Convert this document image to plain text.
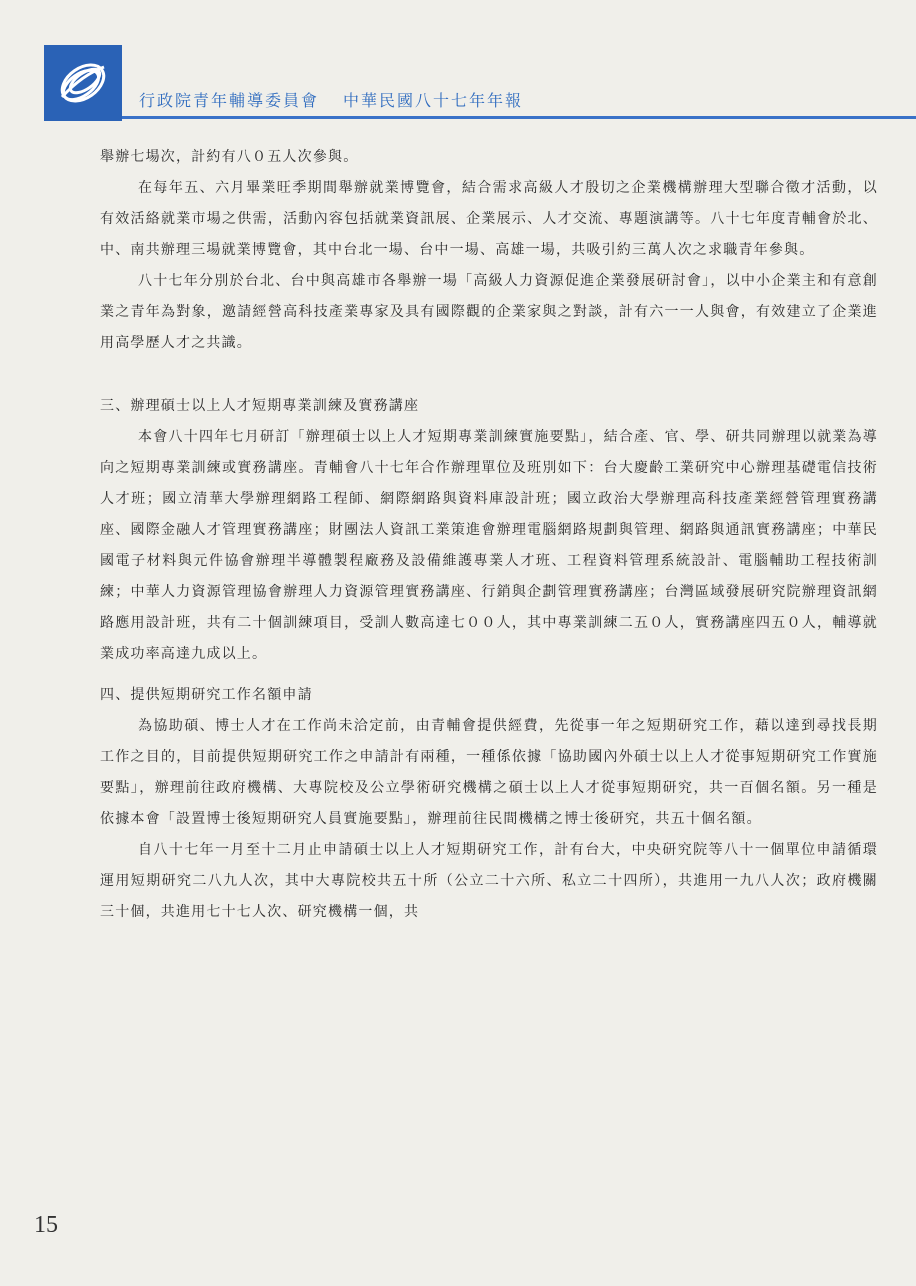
行政院青年輔導委員會 中華民國八十七年年報

舉辦七場次，計約有八０五人次參與。

在每年五、六月畢業旺季期間舉辦就業博覽會，結合需求高級人才殷切之企業機構辦理大型聯合徵才活動，以有效活絡就業市場之供需，活動內容包括就業資訊展、企業展示、人才交流、專題演講等。八十七年度青輔會於北、中、南共辦理三場就業博覽會，其中台北一場、台中一場、高雄一場，共吸引約三萬人次之求職青年參與。

八十七年分別於台北、台中與高雄市各舉辦一場「高級人力資源促進企業發展研討會」，以中小企業主和有意創業之青年為對象，邀請經營高科技產業專家及具有國際觀的企業家與之對談，計有六一一人與會，有效建立了企業進用高學歷人才之共識。

三、辦理碩士以上人才短期專業訓練及實務講座

本會八十四年七月研訂「辦理碩士以上人才短期專業訓練實施要點」，結合產、官、學、研共同辦理以就業為導向之短期專業訓練或實務講座。青輔會八十七年合作辦理單位及班別如下：台大慶齡工業研究中心辦理基礎電信技術人才班；國立清華大學辦理網路工程師、網際網路與資料庫設計班；國立政治大學辦理高科技產業經營管理實務講座、國際金融人才管理實務講座；財團法人資訊工業策進會辦理電腦網路規劃與管理、網路與通訊實務講座；中華民國電子材料與元件協會辦理半導體製程廠務及設備維護專業人才班、工程資料管理系統設計、電腦輔助工程技術訓練；中華人力資源管理協會辦理人力資源管理實務講座、行銷與企劃管理實務講座；台灣區域發展研究院辦理資訊網路應用設計班，共有二十個訓練項目，受訓人數高達七００人，其中專業訓練二五０人，實務講座四五０人，輔導就業成功率高達九成以上。

四、提供短期研究工作名額申請

為協助碩、博士人才在工作尚未洽定前，由青輔會提供經費，先從事一年之短期研究工作，藉以達到尋找長期工作之目的，目前提供短期研究工作之申請計有兩種，一種係依據「協助國內外碩士以上人才從事短期研究工作實施要點」，辦理前往政府機構、大專院校及公立學術研究機構之碩士以上人才從事短期研究，共一百個名額。另一種是依據本會「設置博士後短期研究人員實施要點」，辦理前往民間機構之博士後研究，共五十個名額。

自八十七年一月至十二月止申請碩士以上人才短期研究工作，計有台大，中央研究院等八十一個單位申請循環運用短期研究二八九人次，其中大專院校共五十所（公立二十六所、私立二十四所），共進用一九八人次；政府機關三十個，共進用七十七人次、研究機構一個，共

15
